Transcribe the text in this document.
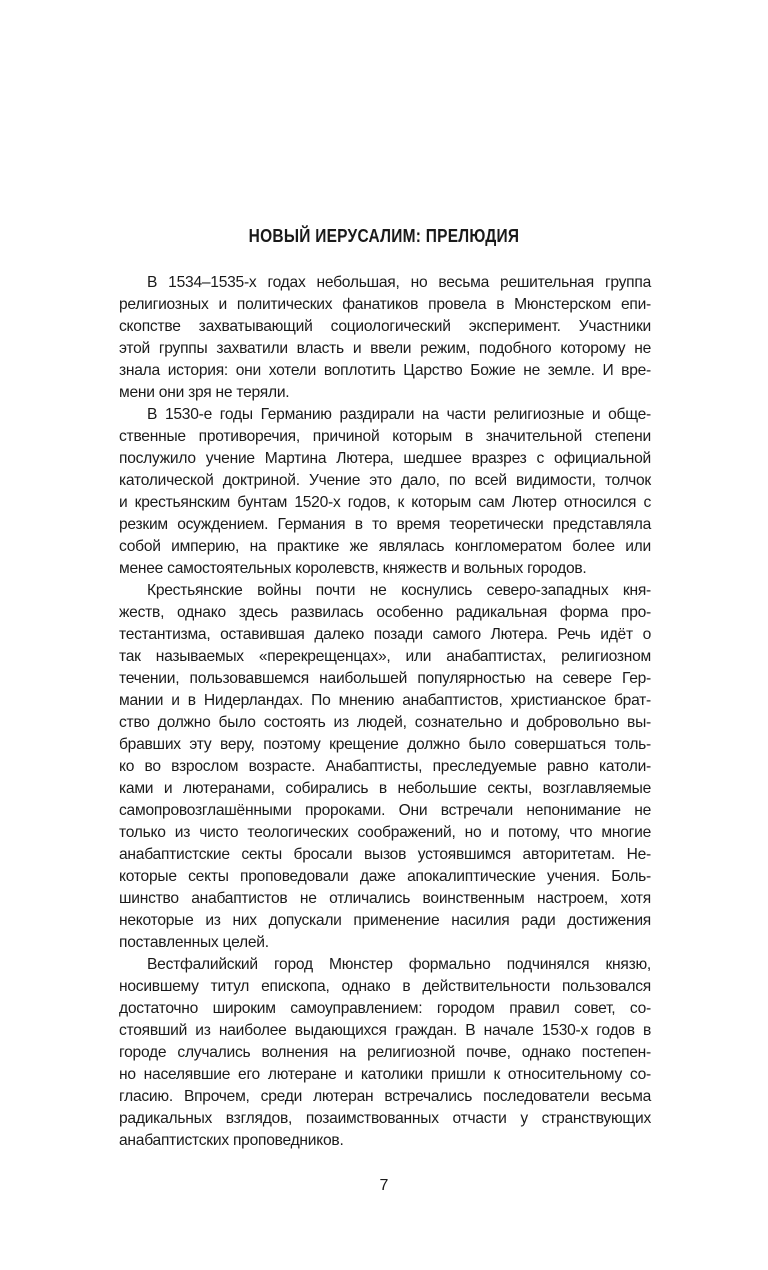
НОВЫЙ ИЕРУСАЛИМ: ПРЕЛЮДИЯ
В 1534–1535-х годах небольшая, но весьма решительная группа
религиозных и политических фанатиков провела в Мюнстерском епи-
скопстве захватывающий социологический эксперимент. Участники
этой группы захватили власть и ввели режим, подобного которому не
знала история: они хотели воплотить Царство Божие не земле. И вре-
мени они зря не теряли.
В 1530-е годы Германию раздирали на части религиозные и обще-
ственные противоречия, причиной которым в значительной степени
послужило учение Мартина Лютера, шедшее вразрез с официальной
католической доктриной. Учение это дало, по всей видимости, толчок
и крестьянским бунтам 1520-х годов, к которым сам Лютер относился с
резким осуждением. Германия в то время теоретически представляла
собой империю, на практике же являлась конгломератом более или
менее самостоятельных королевств, княжеств и вольных городов.
Крестьянские войны почти не коснулись северо-западных кня-
жеств, однако здесь развилась особенно радикальная форма про-
тестантизма, оставившая далеко позади самого Лютера. Речь идёт о
так называемых «перекрещенцах», или анабаптистах, религиозном
течении, пользовавшемся наибольшей популярностью на севере Гер-
мании и в Нидерландах. По мнению анабаптистов, христианское брат-
ство должно было состоять из людей, сознательно и добровольно вы-
бравших эту веру, поэтому крещение должно было совершаться толь-
ко во взрослом возрасте. Анабаптисты, преследуемые равно католи-
ками и лютеранами, собирались в небольшие секты, возглавляемые
самопровозглашёнными пророками. Они встречали непонимание не
только из чисто теологических соображений, но и потому, что многие
анабаптистские секты бросали вызов устоявшимся авторитетам. Не-
которые секты проповедовали даже апокалиптические учения. Боль-
шинство анабаптистов не отличались воинственным настроем, хотя
некоторые из них допускали применение насилия ради достижения
поставленных целей.
Вестфалийский город Мюнстер формально подчинялся князю,
носившему титул епископа, однако в действительности пользовался
достаточно широким самоуправлением: городом правил совет, со-
стоявший из наиболее выдающихся граждан. В начале 1530-х годов в
городе случались волнения на религиозной почве, однако постепен-
но населявшие его лютеране и католики пришли к относительному со-
гласию. Впрочем, среди лютеран встречались последователи весьма
радикальных взглядов, позаимствованных отчасти у странствующих
анабаптистских проповедников.
7
